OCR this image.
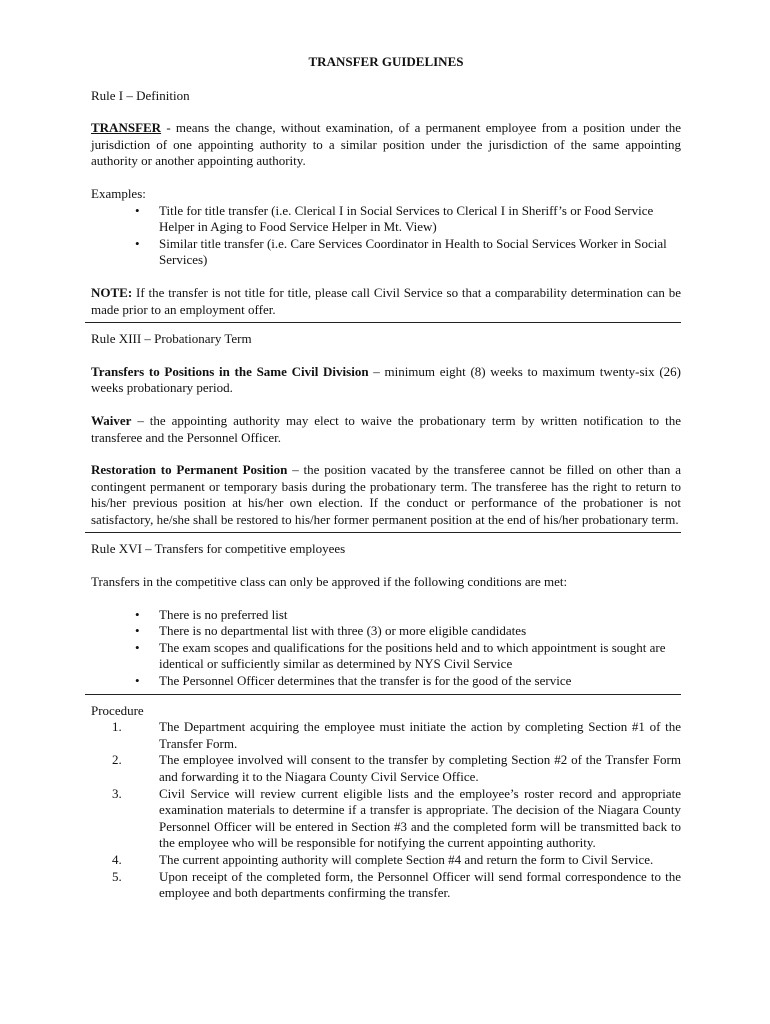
TRANSFER GUIDELINES

Rule I – Definition

TRANSFER - means the change, without examination, of a permanent employee from a position under the jurisdiction of one appointing authority to a similar position under the jurisdiction of the same appointing authority or another appointing authority.

Examples:

• Title for title transfer (i.e. Clerical I in Social Services to Clerical I in Sheriff’s or Food Service Helper in Aging to Food Service Helper in Mt. View)
• Similar title transfer (i.e. Care Services Coordinator in Health to Social Services Worker in Social Services)

NOTE: If the transfer is not title for title, please call Civil Service so that a comparability determination can be made prior to an employment offer.

Rule XIII – Probationary Term

Transfers to Positions in the Same Civil Division – minimum eight (8) weeks to maximum twenty-six (26) weeks probationary period.

Waiver – the appointing authority may elect to waive the probationary term by written notification to the transferee and the Personnel Officer.

Restoration to Permanent Position – the position vacated by the transferee cannot be filled on other than a contingent permanent or temporary basis during the probationary term. The transferee has the right to return to his/her previous position at his/her own election. If the conduct or performance of the probationer is not satisfactory, he/she shall be restored to his/her former permanent position at the end of his/her probationary term.

Rule XVI – Transfers for competitive employees

Transfers in the competitive class can only be approved if the following conditions are met:

• There is no preferred list
• There is no departmental list with three (3) or more eligible candidates
• The exam scopes and qualifications for the positions held and to which appointment is sought are identical or sufficiently similar as determined by NYS Civil Service
• The Personnel Officer determines that the transfer is for the good of the service

Procedure

1.	The Department acquiring the employee must initiate the action by completing Section #1 of the Transfer Form.
2.	The employee involved will consent to the transfer by completing Section #2 of the Transfer Form and forwarding it to the Niagara County Civil Service Office.
3.	Civil Service will review current eligible lists and the employee’s roster record and appropriate examination materials to determine if a transfer is appropriate. The decision of the Niagara County Personnel Officer will be entered in Section #3 and the completed form will be transmitted back to the employee who will be responsible for notifying the current appointing authority.
4.	The current appointing authority will complete Section #4 and return the form to Civil Service.
5.	Upon receipt of the completed form, the Personnel Officer will send formal correspondence to the employee and both departments confirming the transfer.
